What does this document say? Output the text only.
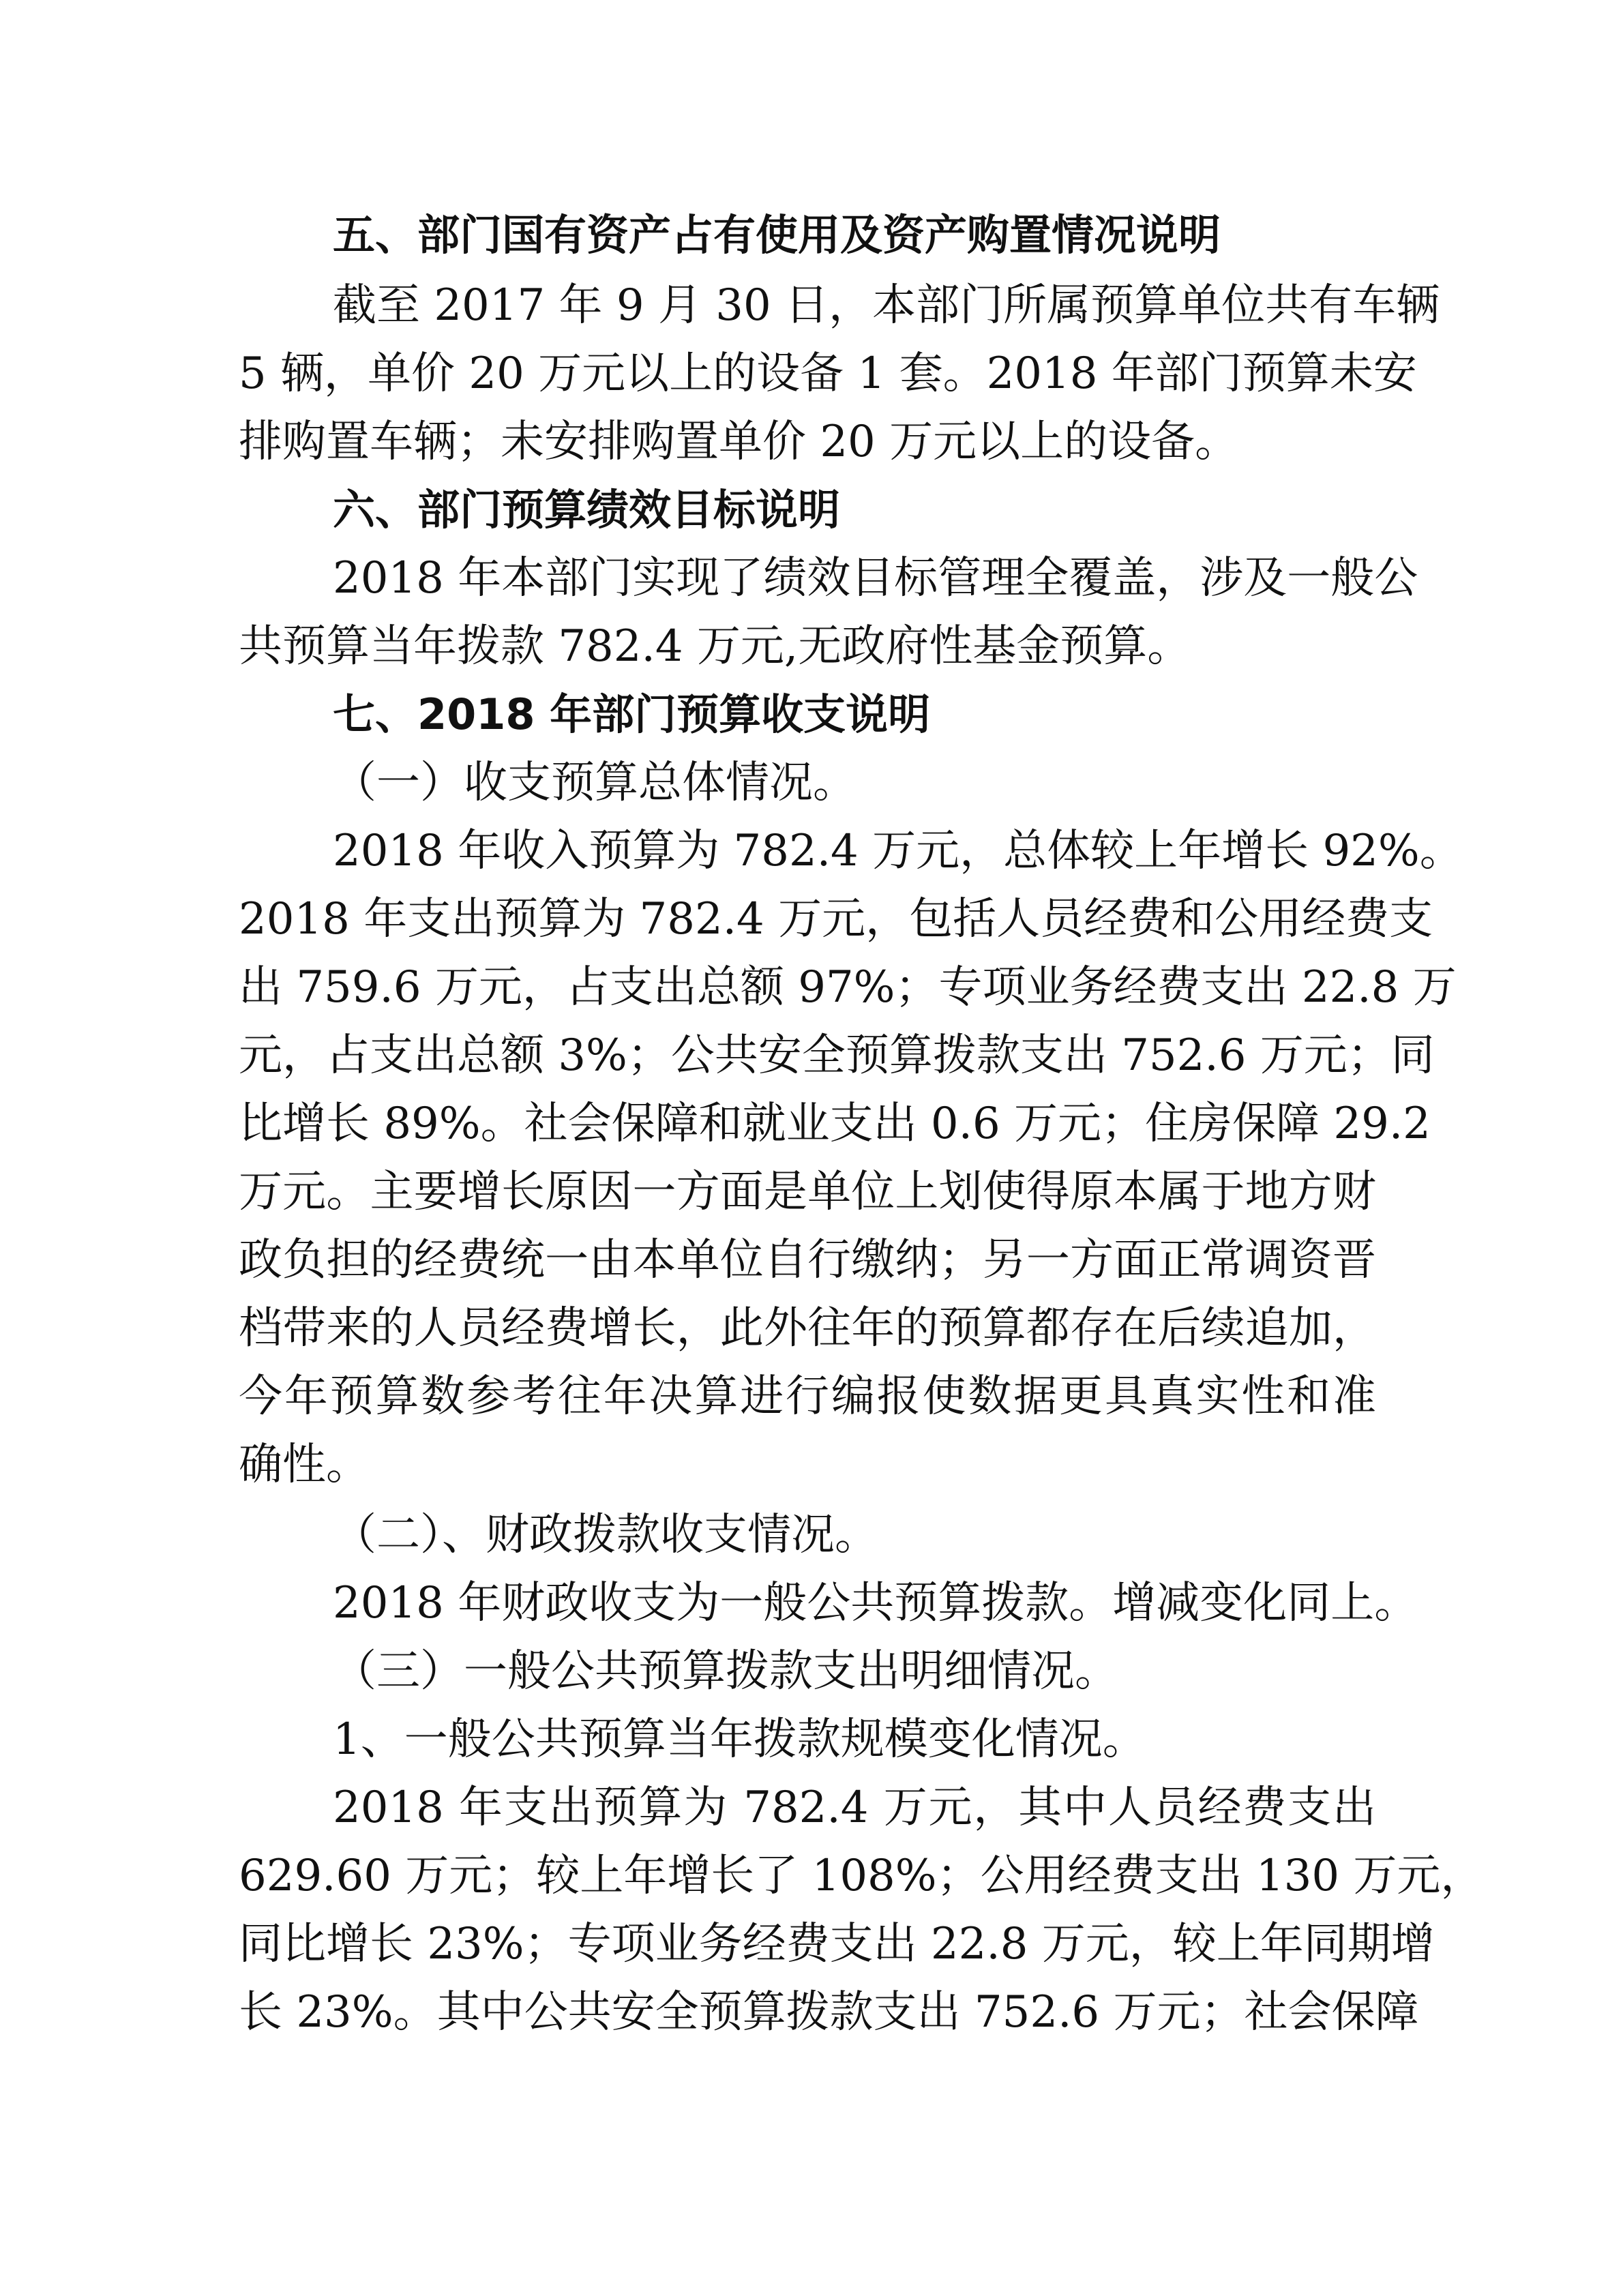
五、部门国有资产占有使用及资产购置情况说明
截至 2017 年 9 月 30 日，本部门所属预算单位共有车辆
5 辆，单价 20 万元以上的设备 1 套。2018 年部门预算未安
排购置车辆；未安排购置单价 20 万元以上的设备。
六、部门预算绩效目标说明
2018 年本部门实现了绩效目标管理全覆盖，涉及一般公
共预算当年拨款 782.4 万元,无政府性基金预算。
七、2018 年部门预算收支说明
（一）收支预算总体情况。
2018 年收入预算为 782.4 万元，总体较上年增长 92%。
2018 年支出预算为 782.4 万元，包括人员经费和公用经费支
出 759.6 万元，占支出总额 97%；专项业务经费支出 22.8 万
元，占支出总额 3%；公共安全预算拨款支出 752.6 万元；同
比增长 89%。社会保障和就业支出 0.6 万元；住房保障 29.2
万元。主要增长原因一方面是单位上划使得原本属于地方财
政负担的经费统一由本单位自行缴纳；另一方面正常调资晋
档带来的人员经费增长，此外往年的预算都存在后续追加，
今年预算数参考往年决算进行编报使数据更具真实性和准
确性。
（二）、财政拨款收支情况。
2018 年财政收支为一般公共预算拨款。增减变化同上。
（三）一般公共预算拨款支出明细情况。
1、一般公共预算当年拨款规模变化情况。
2018 年支出预算为 782.4 万元，其中人员经费支出
629.60 万元；较上年增长了 108%；公用经费支出 130 万元，
同比增长 23%；专项业务经费支出 22.8 万元，较上年同期增
长 23%。其中公共安全预算拨款支出 752.6 万元；社会保障
